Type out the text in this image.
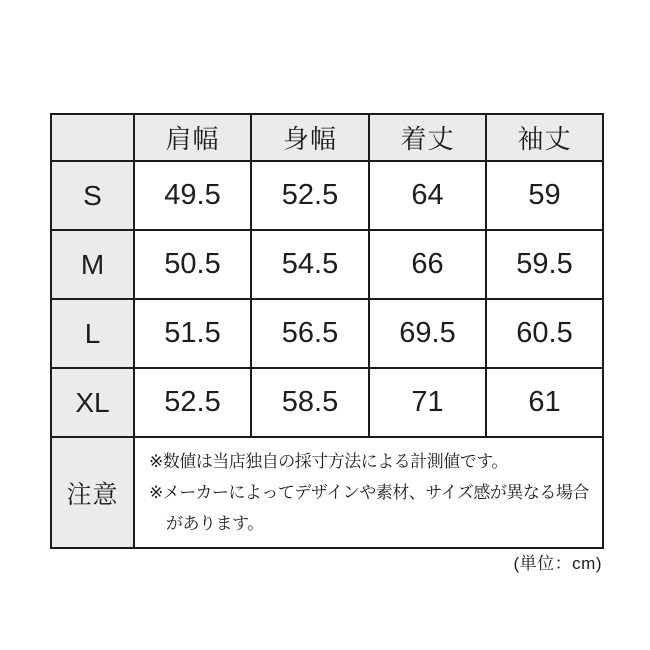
	肩幅	身幅	着丈	袖丈
S	49.5	52.5	64	59
M	50.5	54.5	66	59.5
L	51.5	56.5	69.5	60.5
XL	52.5	58.5	71	61
注意	※数値は当店独自の採寸方法による計測値です。

※メーカーによってデザインや素材、サイズ感が異なる場合があります。			

(単位：cm)
